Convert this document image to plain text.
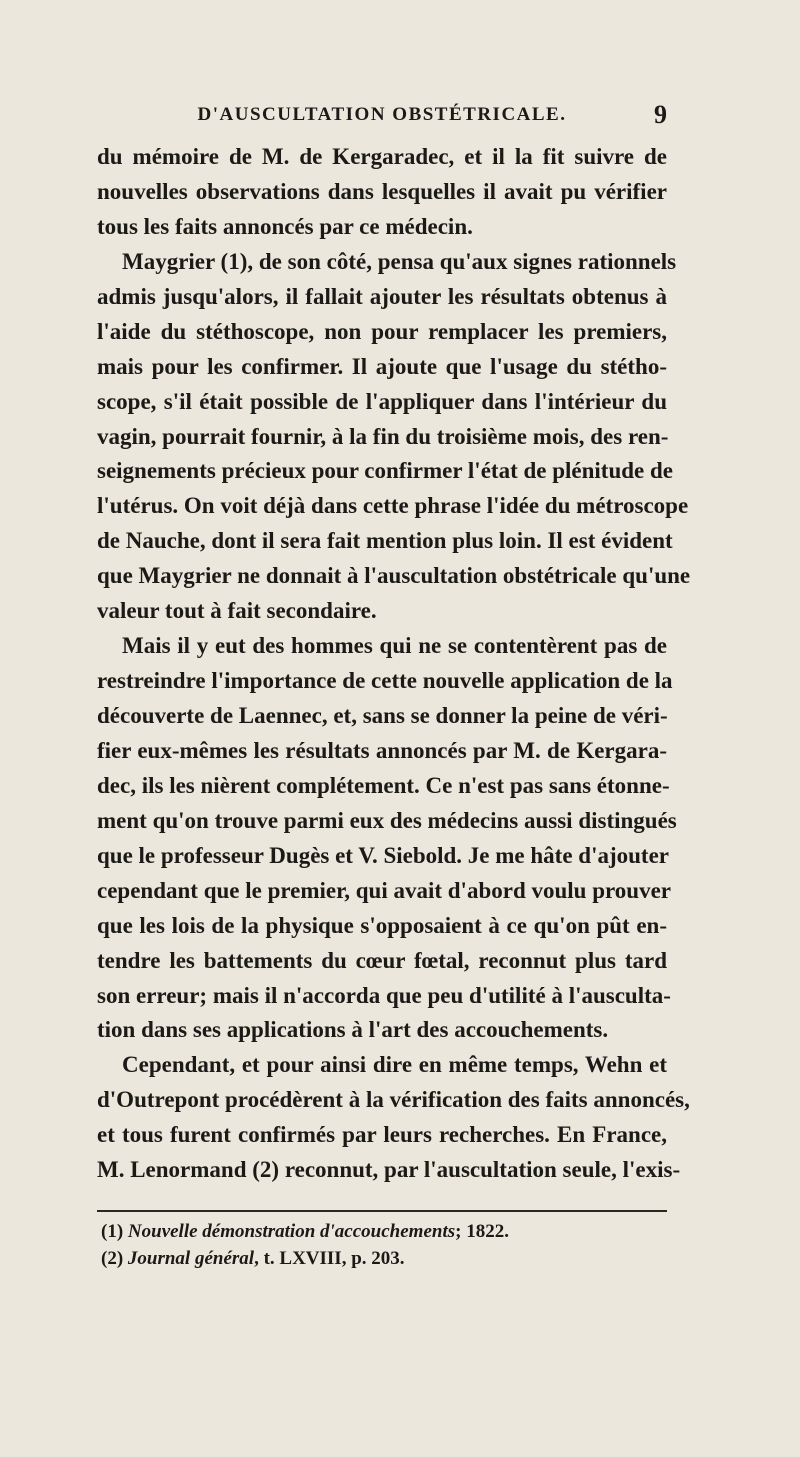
D'AUSCULTATION OBSTÉTRICALE.	9
du mémoire de M. de Kergaradec, et il la fit suivre de
nouvelles observations dans lesquelles il avait pu vérifier
tous les faits annoncés par ce médecin.
Maygrier (1), de son côté, pensa qu'aux signes rationnels
admis jusqu'alors, il fallait ajouter les résultats obtenus à
l'aide du stéthoscope, non pour remplacer les premiers,
mais pour les confirmer. Il ajoute que l'usage du stétho-
scope, s'il était possible de l'appliquer dans l'intérieur du
vagin, pourrait fournir, à la fin du troisième mois, des ren-
seignements précieux pour confirmer l'état de plénitude de
l'utérus. On voit déjà dans cette phrase l'idée du métroscope
de Nauche, dont il sera fait mention plus loin. Il est évident
que Maygrier ne donnait à l'auscultation obstétricale qu'une
valeur tout à fait secondaire.
Mais il y eut des hommes qui ne se contentèrent pas de
restreindre l'importance de cette nouvelle application de la
découverte de Laennec, et, sans se donner la peine de véri-
fier eux-mêmes les résultats annoncés par M. de Kergara-
dec, ils les nièrent complétement. Ce n'est pas sans étonne-
ment qu'on trouve parmi eux des médecins aussi distingués
que le professeur Dugès et V. Siebold. Je me hâte d'ajouter
cependant que le premier, qui avait d'abord voulu prouver
que les lois de la physique s'opposaient à ce qu'on pût en-
tendre les battements du cœur fœtal, reconnut plus tard
son erreur; mais il n'accorda que peu d'utilité à l'ausculta-
tion dans ses applications à l'art des accouchements.
Cependant, et pour ainsi dire en même temps, Wehn et
d'Outrepont procédèrent à la vérification des faits annoncés,
et tous furent confirmés par leurs recherches. En France,
M. Lenormand (2) reconnut, par l'auscultation seule, l'exis-
(1) Nouvelle démonstration d'accouchements; 1822.
(2) Journal général, t. LXVIII, p. 203.
